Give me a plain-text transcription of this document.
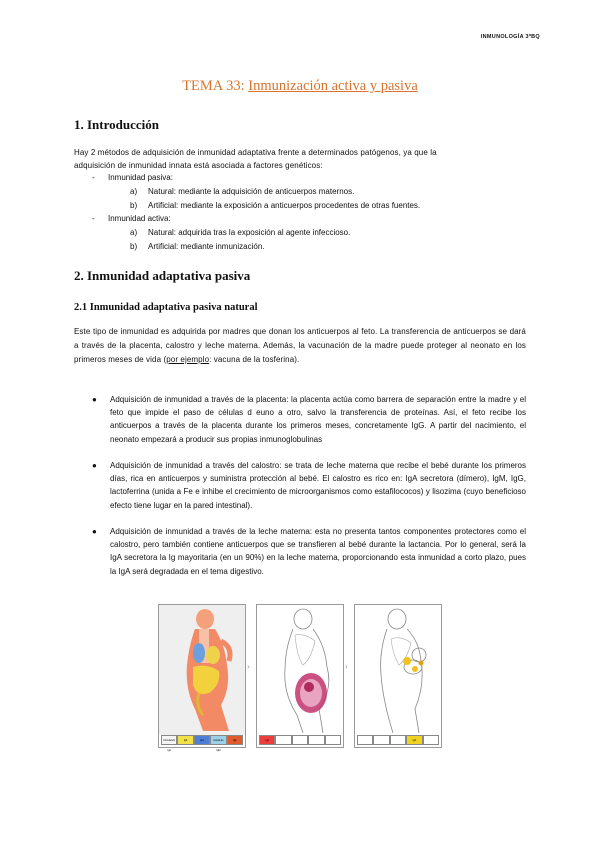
INMUNOLOGÍA 3ºBQ
TEMA 33: Inmunización activa y pasiva
1. Introducción
Hay 2 métodos de adquisición de inmunidad adaptativa frente a determinados patógenos, ya que la
adquisición de inmunidad innata está asociada a factores genéticos:
- Inmunidad pasiva:
a) Natural: mediante la adquisición de anticuerpos maternos.
b) Artificial: mediante la exposición a anticuerpos procedentes de otras fuentes.
- Inmunidad activa:
a) Natural: adquirida tras la exposición al agente infeccioso.
b) Artificial: mediante inmunización.
2. Inmunidad adaptativa pasiva
2.1 Inmunidad adaptativa pasiva natural
Este tipo de inmunidad es adquirida por madres que donan los anticuerpos al feto. La transferencia de anticuerpos se dará a través de la placenta, calostro y leche materna. Además, la vacunación de la madre puede proteger al neonato en los primeros meses de vida (por ejemplo: vacuna de la tosferina).
● Adquisición de inmunidad a través de la placenta: la placenta actúa como barrera de separación entre la madre y el feto que impide el paso de células d euno a otro, salvo la transferencia de proteínas. Así, el feto recibe los anticuerpos a través de la placenta durante los primeros meses, concretamente IgG. A partir del nacimiento, el neonato empezará a producir sus propias inmunoglobulinas
● Adquisición de inmunidad a través del calostro: se trata de leche materna que recibe el bebé durante los primeros días, rica en anticuerpos y suministra protección al bebé. El calostro es rico en: IgA secretora (dímero), IgM, IgG, lactoferrina (unida a Fe e inhibe el crecimiento de microorganismos como estafilococos) y lisozima (cuyo beneficioso efecto tiene lugar en la pared intestinal).
● Adquisición de inmunidad a través de la leche materna: esta no presenta tantos componentes protectores como el calostro, pero también contiene anticuerpos que se transfieren al bebé durante la lactancia. Por lo general, será la IgA secretora la Ig mayoritaria (en un 90%) en la leche materna, proporcionando esta inmunidad a corto plazo, pues la IgA será degradada en el tema digestivo.
Circulación IgA
IgA	IgG	Célula de IgM
IgE
›
IgA
›
IgA
